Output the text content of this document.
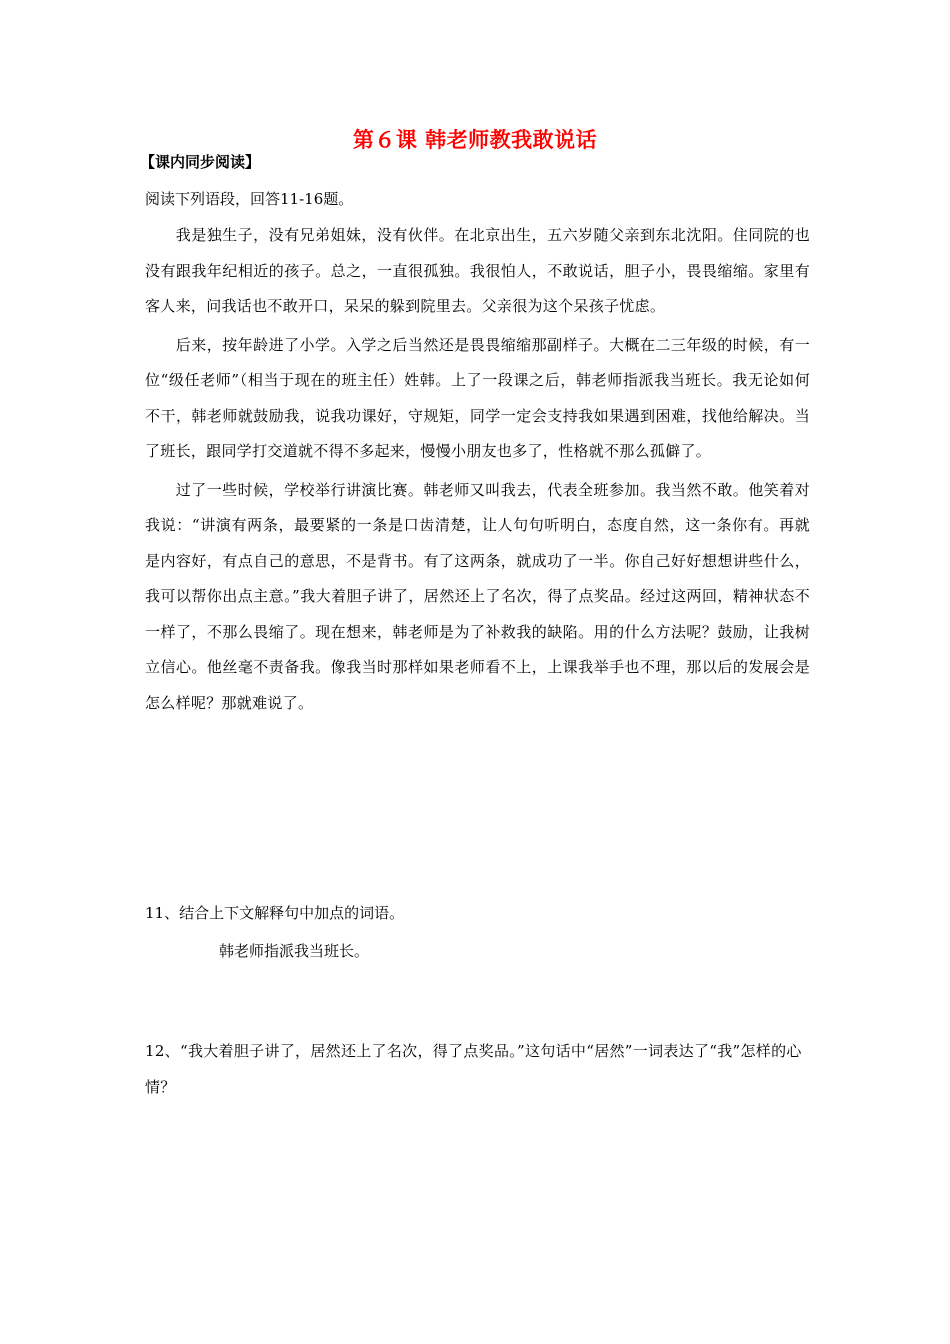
第６课 韩老师教我敢说话
【课内同步阅读】
阅读下列语段，回答11-16题。

我是独生子，没有兄弟姐妹，没有伙伴。在北京出生，五六岁随父亲到东北沈阳。住同院的也没有跟我年纪相近的孩子。总之，一直很孤独。我很怕人，不敢说话，胆子小，畏畏缩缩。家里有客人来，问我话也不敢开口，呆呆的躲到院里去。父亲很为这个呆孩子忧虑。

后来，按年龄进了小学。入学之后当然还是畏畏缩缩那副样子。大概在二三年级的时候，有一位“级任老师”（相当于现在的班主任）姓韩。上了一段课之后，韩老师指派我当班长。我无论如何不干，韩老师就鼓励我，说我功课好，守规矩，同学一定会支持我如果遇到困难，找他给解决。当了班长，跟同学打交道就不得不多起来，慢慢小朋友也多了，性格就不那么孤僻了。

过了一些时候，学校举行讲演比赛。韩老师又叫我去，代表全班参加。我当然不敢。他笑着对我说：“讲演有两条，最要紧的一条是口齿清楚，让人句句听明白，态度自然，这一条你有。再就是内容好，有点自己的意思，不是背书。有了这两条，就成功了一半。你自己好好想想讲些什么，我可以帮你出点主意。”我大着胆子讲了，居然还上了名次，得了点奖品。经过这两回，精神状态不一样了，不那么畏缩了。现在想来，韩老师是为了补救我的缺陷。用的什么方法呢？鼓励，让我树立信心。他丝毫不责备我。像我当时那样如果老师看不上，上课我举手也不理，那以后的发展会是怎么样呢？那就难说了。

11、结合上下文解释句中加点的词语。
韩老师指派我当班长。
12、“我大着胆子讲了，居然还上了名次，得了点奖品。”这句话中“居然”一词表达了“我”怎样的心情？
